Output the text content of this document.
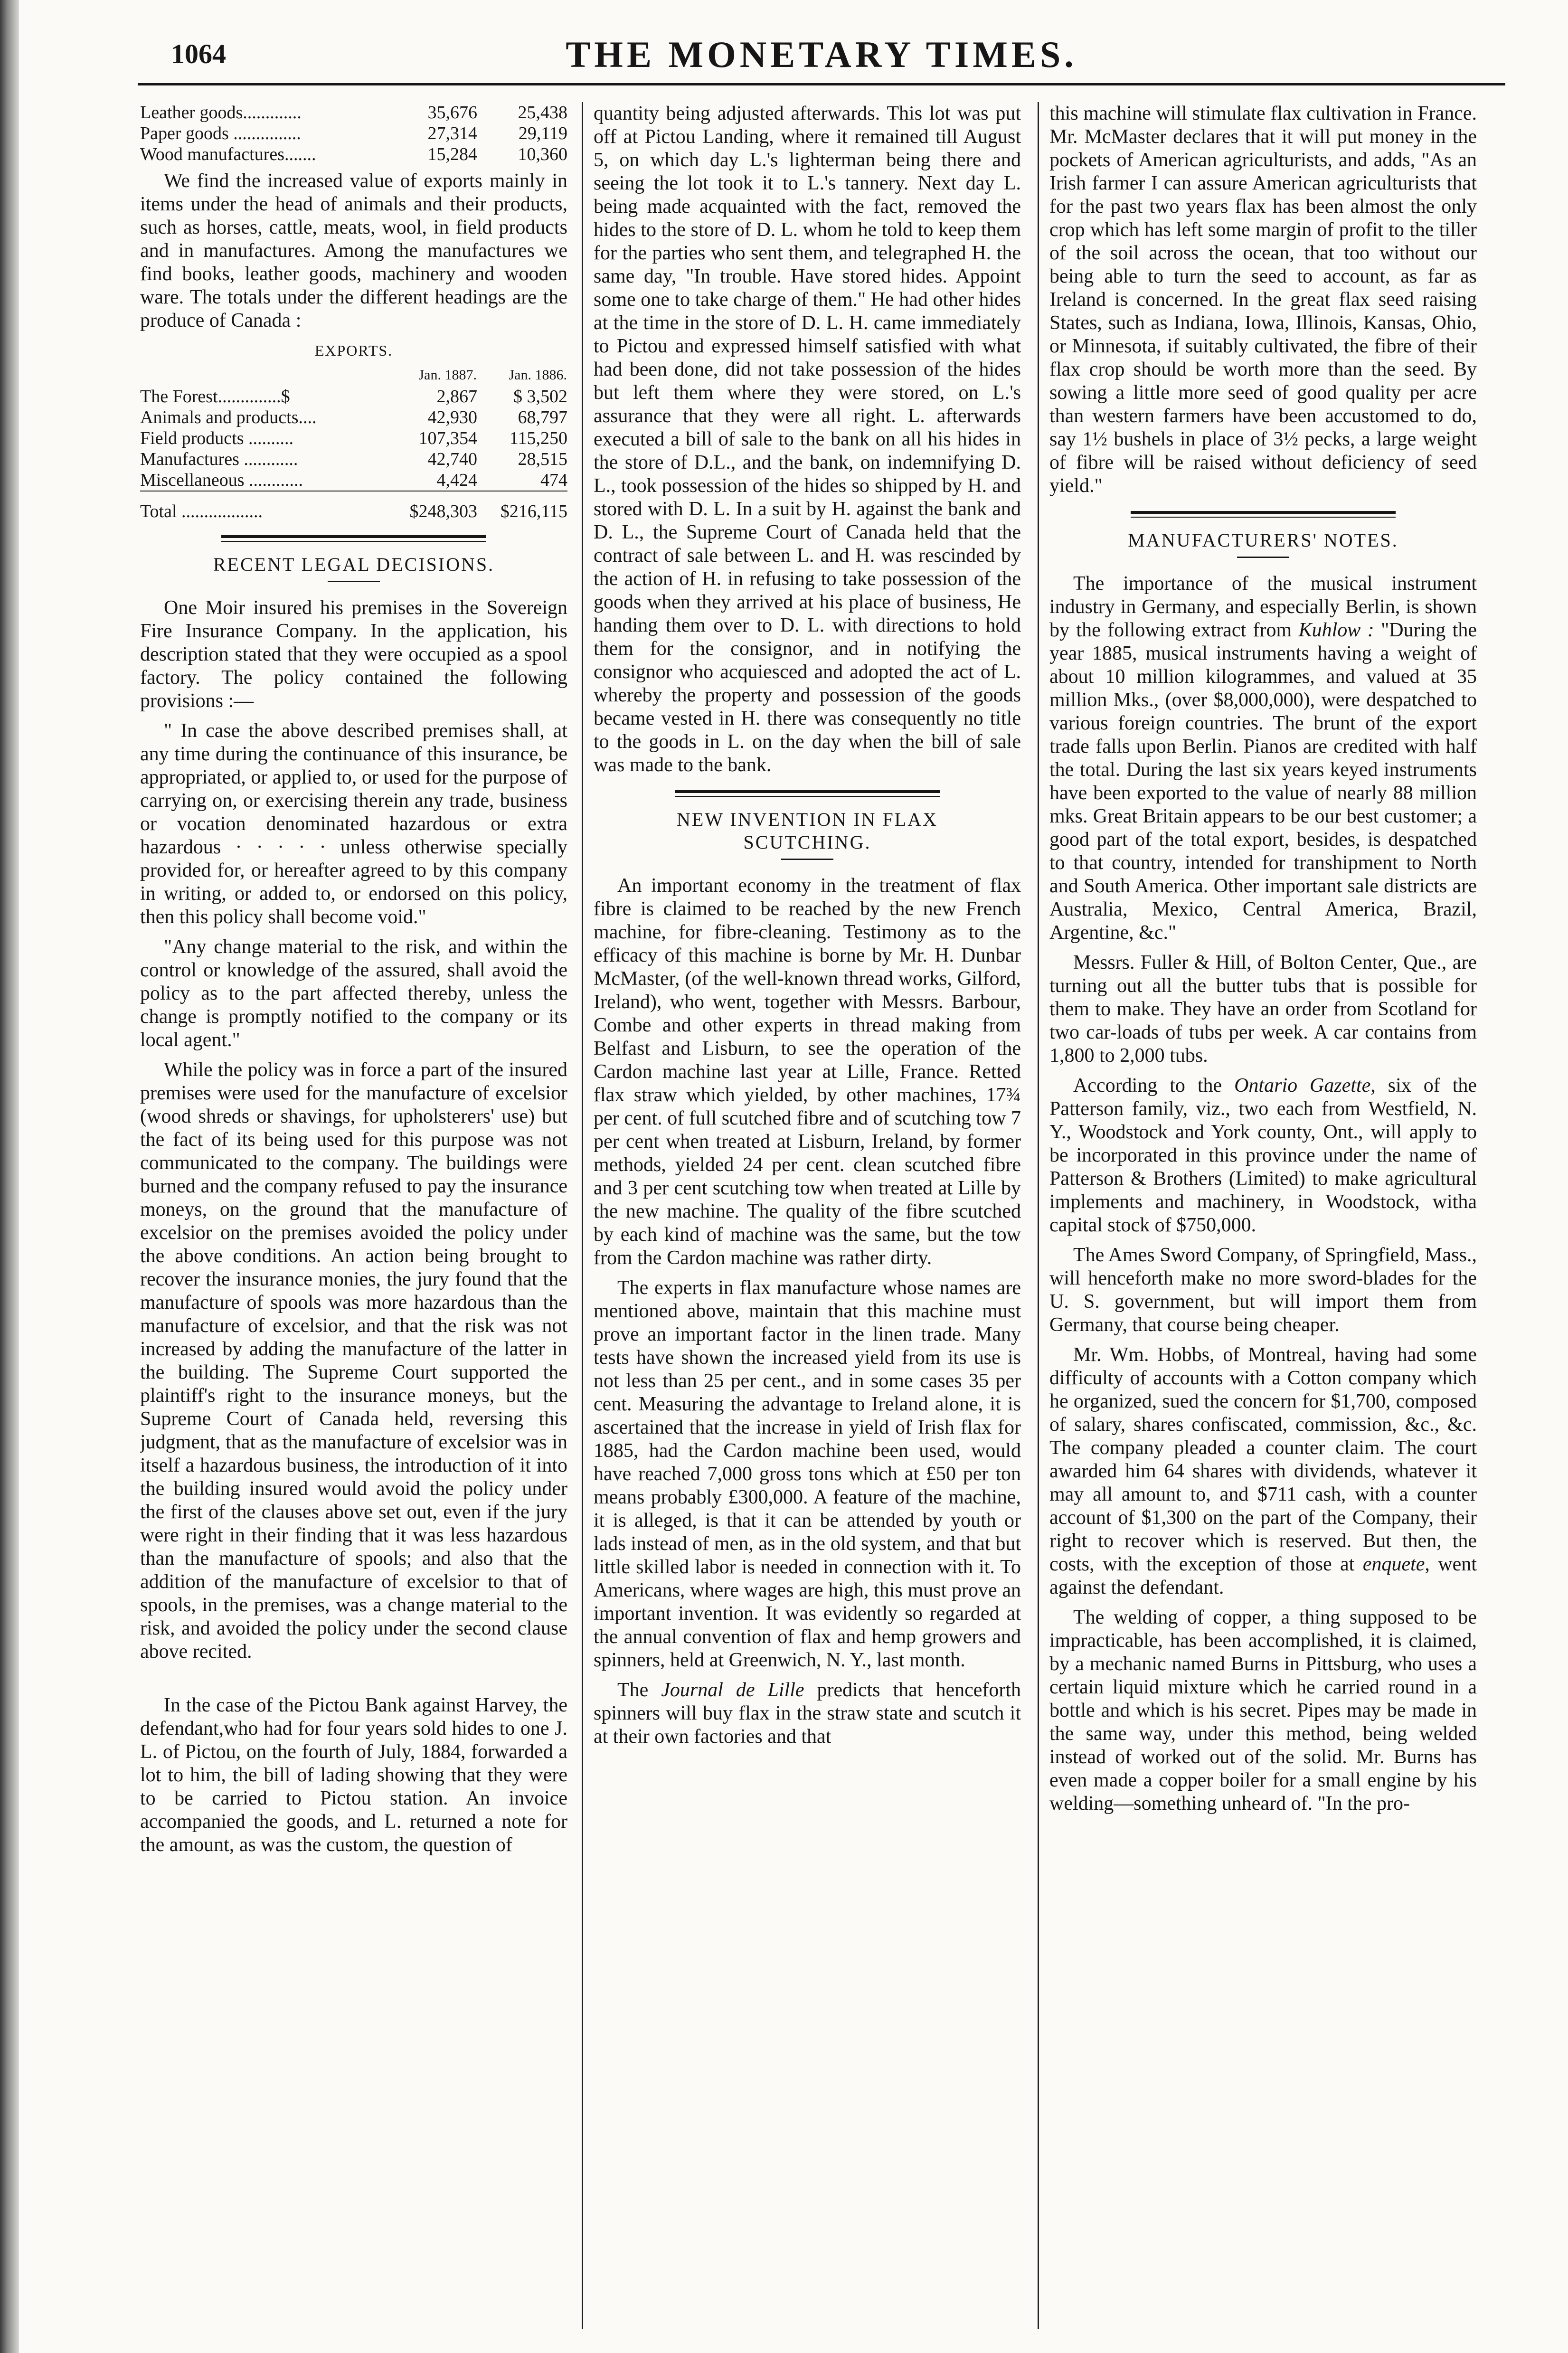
1064	THE MONETARY TIMES.
Leather goods.............	35,676	25,438
Paper goods ...............	27,314	29,119
Wood manufactures.......	15,284	10,360

We find the increased value of exports mainly in items under the head of animals and their products, such as horses, cattle, meats, wool, in field products and in manufactures. Among the manufactures we find books, leather goods, machinery and wooden ware. The totals under the different headings are the produce of Canada :

EXPORTS.
	Jan. 1887.	Jan. 1886.
The Forest..............$	2,867	$ 3,502
Animals and products....	42,930	68,797
Field products ..........	107,354	115,250
Manufactures ............	42,740	28,515
Miscellaneous ............	4,424	474

Total ..................	$248,303	$216,115
RECENT LEGAL DECISIONS.

One Moir insured his premises in the Sovereign Fire Insurance Company. In the application, his description stated that they were occupied as a spool factory. The policy contained the following provisions :—

" In case the above described premises shall, at any time during the continuance of this insurance, be appropriated, or applied to, or used for the purpose of carrying on, or exercising therein any trade, business or vocation denominated hazardous or extra hazardous · · · · · unless otherwise specially provided for, or hereafter agreed to by this company in writing, or added to, or endorsed on this policy, then this policy shall become void."

"Any change material to the risk, and within the control or knowledge of the assured, shall avoid the policy as to the part affected thereby, unless the change is promptly notified to the company or its local agent."

While the policy was in force a part of the insured premises were used for the manufacture of excelsior (wood shreds or shavings, for upholsterers' use) but the fact of its being used for this purpose was not communicated to the company. The buildings were burned and the company refused to pay the insurance moneys, on the ground that the manufacture of excelsior on the premises avoided the policy under the above conditions. An action being brought to recover the insurance monies, the jury found that the manufacture of spools was more hazardous than the manufacture of excelsior, and that the risk was not increased by adding the manufacture of the latter in the building. The Supreme Court supported the plaintiff's right to the insurance moneys, but the Supreme Court of Canada held, reversing this judgment, that as the manufacture of excelsior was in itself a hazardous business, the introduction of it into the building insured would avoid the policy under the first of the clauses above set out, even if the jury were right in their finding that it was less hazardous than the manufacture of spools; and also that the addition of the manufacture of excelsior to that of spools, in the premises, was a change material to the risk, and avoided the policy under the second clause above recited.

In the case of the Pictou Bank against Harvey, the defendant,who had for four years sold hides to one J. L. of Pictou, on the fourth of July, 1884, forwarded a lot to him, the bill of lading showing that they were to be carried to Pictou station. An invoice accompanied the goods, and L. returned a note for the amount, as was the custom, the question of

quantity being adjusted afterwards. This lot was put off at Pictou Landing, where it remained till August 5, on which day L.'s lighterman being there and seeing the lot took it to L.'s tannery. Next day L. being made acquainted with the fact, removed the hides to the store of D. L. whom he told to keep them for the parties who sent them, and telegraphed H. the same day, "In trouble. Have stored hides. Appoint some one to take charge of them." He had other hides at the time in the store of D. L. H. came immediately to Pictou and expressed himself satisfied with what had been done, did not take possession of the hides but left them where they were stored, on L.'s assurance that they were all right. L. afterwards executed a bill of sale to the bank on all his hides in the store of D.L., and the bank, on indemnifying D. L., took possession of the hides so shipped by H. and stored with D. L. In a suit by H. against the bank and D. L., the Supreme Court of Canada held that the contract of sale between L. and H. was rescinded by the action of H. in refusing to take possession of the goods when they arrived at his place of business, He handing them over to D. L. with directions to hold them for the consignor, and in notifying the consignor who acquiesced and adopted the act of L. whereby the property and possession of the goods became vested in H. there was consequently no title to the goods in L. on the day when the bill of sale was made to the bank.

NEW INVENTION IN FLAX
SCUTCHING.

An important economy in the treatment of flax fibre is claimed to be reached by the new French machine, for fibre-cleaning. Testimony as to the efficacy of this machine is borne by Mr. H. Dunbar McMaster, (of the well-known thread works, Gilford, Ireland), who went, together with Messrs. Barbour, Combe and other experts in thread making from Belfast and Lisburn, to see the operation of the Cardon machine last year at Lille, France. Retted flax straw which yielded, by other machines, 17¾ per cent. of full scutched fibre and of scutching tow 7 per cent when treated at Lisburn, Ireland, by former methods, yielded 24 per cent. clean scutched fibre and 3 per cent scutching tow when treated at Lille by the new machine. The quality of the fibre scutched by each kind of machine was the same, but the tow from the Cardon machine was rather dirty.

The experts in flax manufacture whose names are mentioned above, maintain that this machine must prove an important factor in the linen trade. Many tests have shown the increased yield from its use is not less than 25 per cent., and in some cases 35 per cent. Measuring the advantage to Ireland alone, it is ascertained that the increase in yield of Irish flax for 1885, had the Cardon machine been used, would have reached 7,000 gross tons which at £50 per ton means probably £300,000. A feature of the machine, it is alleged, is that it can be attended by youth or lads instead of men, as in the old system, and that but little skilled labor is needed in connection with it. To Americans, where wages are high, this must prove an important invention. It was evidently so regarded at the annual convention of flax and hemp growers and spinners, held at Greenwich, N. Y., last month.

The Journal de Lille predicts that henceforth spinners will buy flax in the straw state and scutch it at their own factories and that

this machine will stimulate flax cultivation in France. Mr. McMaster declares that it will put money in the pockets of American agriculturists, and adds, "As an Irish farmer I can assure American agriculturists that for the past two years flax has been almost the only crop which has left some margin of profit to the tiller of the soil across the ocean, that too without our being able to turn the seed to account, as far as Ireland is concerned. In the great flax seed raising States, such as Indiana, Iowa, Illinois, Kansas, Ohio, or Minnesota, if suitably cultivated, the fibre of their flax crop should be worth more than the seed. By sowing a little more seed of good quality per acre than western farmers have been accustomed to do, say 1½ bushels in place of 3½ pecks, a large weight of fibre will be raised without deficiency of seed yield."

MANUFACTURERS' NOTES.

The importance of the musical instrument industry in Germany, and especially Berlin, is shown by the following extract from Kuhlow : "During the year 1885, musical instruments having a weight of about 10 million kilogrammes, and valued at 35 million Mks., (over $8,000,000), were despatched to various foreign countries. The brunt of the export trade falls upon Berlin. Pianos are credited with half the total. During the last six years keyed instruments have been exported to the value of nearly 88 million mks. Great Britain appears to be our best customer; a good part of the total export, besides, is despatched to that country, intended for transhipment to North and South America. Other important sale districts are Australia, Mexico, Central America, Brazil, Argentine, &c."

Messrs. Fuller & Hill, of Bolton Center, Que., are turning out all the butter tubs that is possible for them to make. They have an order from Scotland for two car-loads of tubs per week. A car contains from 1,800 to 2,000 tubs.

According to the Ontario Gazette, six of the Patterson family, viz., two each from Westfield, N. Y., Woodstock and York county, Ont., will apply to be incorporated in this province under the name of Patterson & Brothers (Limited) to make agricultural implements and machinery, in Woodstock, witha capital stock of $750,000.

The Ames Sword Company, of Springfield, Mass., will henceforth make no more sword-blades for the U. S. government, but will import them from Germany, that course being cheaper.

Mr. Wm. Hobbs, of Montreal, having had some difficulty of accounts with a Cotton company which he organized, sued the concern for $1,700, composed of salary, shares confiscated, commission, &c., &c. The company pleaded a counter claim. The court awarded him 64 shares with dividends, whatever it may all amount to, and $711 cash, with a counter account of $1,300 on the part of the Company, their right to recover which is reserved. But then, the costs, with the exception of those at enquete, went against the defendant.

The welding of copper, a thing supposed to be impracticable, has been accomplished, it is claimed, by a mechanic named Burns in Pittsburg, who uses a certain liquid mixture which he carried round in a bottle and which is his secret. Pipes may be made in the same way, under this method, being welded instead of worked out of the solid. Mr. Burns has even made a copper boiler for a small engine by his welding—something unheard of. "In the pro-
